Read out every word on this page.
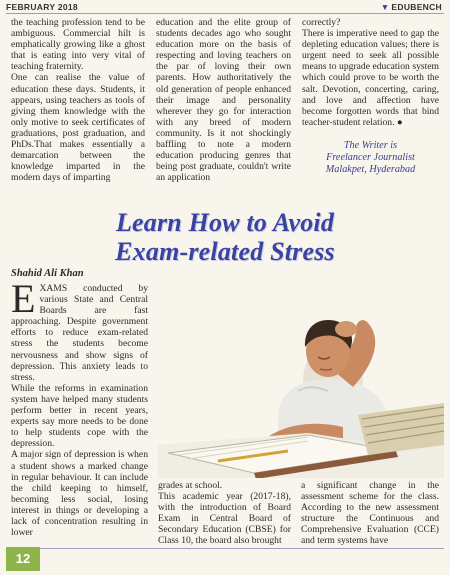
FEBRUARY 2018	▼ EDUBENCH

the teaching profession tend to be ambiguous. Commercial hilt is emphatically growing like a ghost that is eating into very vital of teaching fraternity.

One can realise the value of education these days. Students, it appears, using teachers as tools of giving them knowledge with the only motive to seek certificates of graduations, post graduation, and PhDs.That makes essentially a demarcation between the knowledge imparted in the modern days of imparting

education and the elite group of students decades ago who sought education more on the basis of respecting and loving teachers on the par of loving their own parents. How authoritatively the old generation of people enhanced their image and personality wherever they go for interaction with any breed of modern community. Is it not shockingly baffling to note a modern education producing genres that being post graduate, couldn't write an application

correctly?

There is imperative need to gap the depleting education values; there is urgent need to seek all possible means to upgrade education system which could prove to be worth the salt. Devotion, concerting, caring, and love and affection have become forgotten words that bind teacher-student relation. ●

The Writer is
Freelancer Journalist
Malakpet, Hyderabad
Learn How to Avoid
Exam-related Stress
Shahid Ali Khan

EXAMS conducted by various State and Central Boards are fast approaching. Despite government efforts to reduce exam-related stress the students become nervousness and show signs of depression. This anxiety leads to stress.

While the reforms in examination system have helped many students perform better in recent years, experts say more needs to be done to help students cope with the depression.

A major sign of depression is when a student shows a marked change in regular behaviour. It can include the child keeping to himself, becoming less social, losing interest in things or developing a lack of concentration resulting in lower

grades at school.

This academic year (2017-18), with the introduction of Board Exam in Central Board of Secondary Education (CBSE) for Class 10, the board also brought

a significant change in the assessment scheme for the class. According to the new assessment structure the Continuous and Comprehensive Evaluation (CCE) and term systems have

12
